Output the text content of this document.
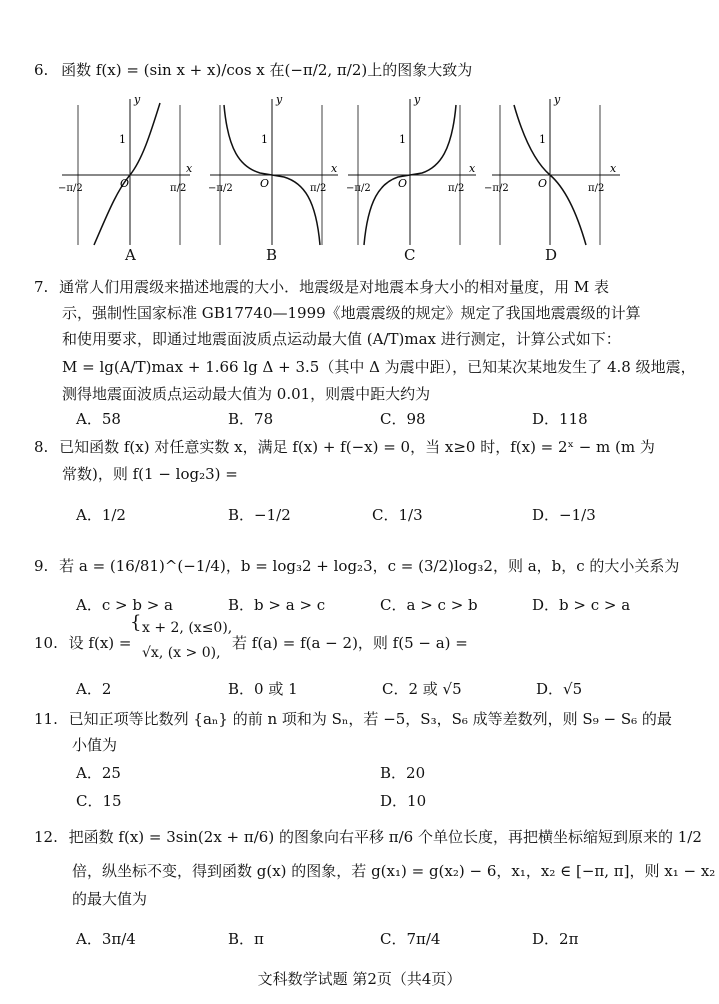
6. 函数 f(x) = (sin x + x)/cos x 在(−π/2, π/2)上的图象大致为
y
x
O
1
−π/2	π/2
A
y
x
O
1
−π/2	π/2
B
y
x
O
1
−π/2	π/2
C
y
x
O
1
−π/2	π/2
D
7. 通常人们用震级来描述地震的大小．地震级是对地震本身大小的相对量度，用 M 表
示，强制性国家标准 GB17740—1999《地震震级的规定》规定了我国地震震级的计算
和使用要求，即通过地震面波质点运动最大值 (A/T)max 进行测定，计算公式如下：
M = lg(A/T)max + 1.66 lg Δ + 3.5（其中 Δ 为震中距），已知某次某地发生了 4.8 级地震，
测得地震面波质点运动最大值为 0.01，则震中距大约为
A．58	B．78	C．98	D．118
8. 已知函数 f(x) 对任意实数 x，满足 f(x) + f(−x) = 0，当 x≥0 时，f(x) = 2ˣ − m (m 为
常数)，则 f(1 − log₂3) =
A．1/2	B．−1/2	C．1/3	D．−1/3
9. 若 a = (16/81)^(−1/4)，b = log₃2 + log₂3，c = (3/2)log₃2，则 a，b，c 的大小关系为
A．c > b > a	B．b > a > c	C．a > c > b	D．b > c > a
10. 设 f(x) =
{ x + 2, (x≤0),
√x, (x > 0),
若 f(a) = f(a − 2)，则 f(5 − a) =
A．2	B．0 或 1	C．2 或 √5	D．√5
11. 已知正项等比数列 {aₙ} 的前 n 项和为 Sₙ，若 −5，S₃，S₆ 成等差数列，则 S₉ − S₆ 的最
小值为
A．25	B．20
C．15	D．10
12. 把函数 f(x) = 3sin(2x + π/6) 的图象向右平移 π/6 个单位长度，再把横坐标缩短到原来的 1/2
倍，纵坐标不变，得到函数 g(x) 的图象，若 g(x₁) = g(x₂) − 6，x₁，x₂ ∈ [−π, π]，则 x₁ − x₂
的最大值为
A．3π/4	B．π	C．7π/4	D．2π
文科数学试题 第2页（共4页）
